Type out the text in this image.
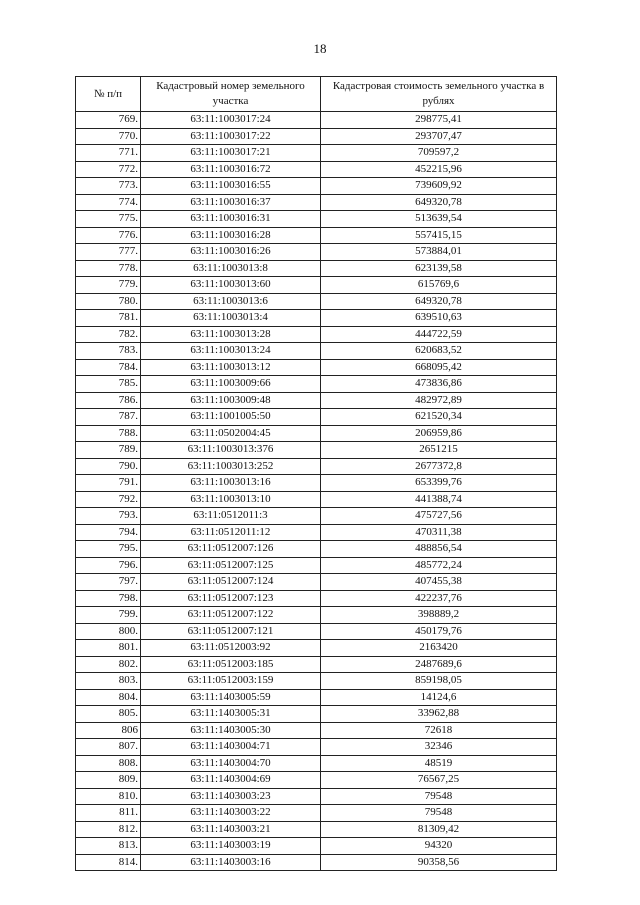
18
№ п/п	Кадастровый номер земельного участка	Кадастровая стоимость земельного участка в рублях
769.	63:11:1003017:24	298775,41
770.	63:11:1003017:22	293707,47
771.	63:11:1003017:21	709597,2
772.	63:11:1003016:72	452215,96
773.	63:11:1003016:55	739609,92
774.	63:11:1003016:37	649320,78
775.	63:11:1003016:31	513639,54
776.	63:11:1003016:28	557415,15
777.	63:11:1003016:26	573884,01
778.	63:11:1003013:8	623139,58
779.	63:11:1003013:60	615769,6
780.	63:11:1003013:6	649320,78
781.	63:11:1003013:4	639510,63
782.	63:11:1003013:28	444722,59
783.	63:11:1003013:24	620683,52
784.	63:11:1003013:12	668095,42
785.	63:11:1003009:66	473836,86
786.	63:11:1003009:48	482972,89
787.	63:11:1001005:50	621520,34
788.	63:11:0502004:45	206959,86
789.	63:11:1003013:376	2651215
790.	63:11:1003013:252	2677372,8
791.	63:11:1003013:16	653399,76
792.	63:11:1003013:10	441388,74
793.	63:11:0512011:3	475727,56
794.	63:11:0512011:12	470311,38
795.	63:11:0512007:126	488856,54
796.	63:11:0512007:125	485772,24
797.	63:11:0512007:124	407455,38
798.	63:11:0512007:123	422237,76
799.	63:11:0512007:122	398889,2
800.	63:11:0512007:121	450179,76
801.	63:11:0512003:92	2163420
802.	63:11:0512003:185	2487689,6
803.	63:11:0512003:159	859198,05
804.	63:11:1403005:59	14124,6
805.	63:11:1403005:31	33962,88
806	63:11:1403005:30	72618
807.	63:11:1403004:71	32346
808.	63:11:1403004:70	48519
809.	63:11:1403004:69	76567,25
810.	63:11:1403003:23	79548
811.	63:11:1403003:22	79548
812.	63:11:1403003:21	81309,42
813.	63:11:1403003:19	94320
814.	63:11:1403003:16	90358,56
